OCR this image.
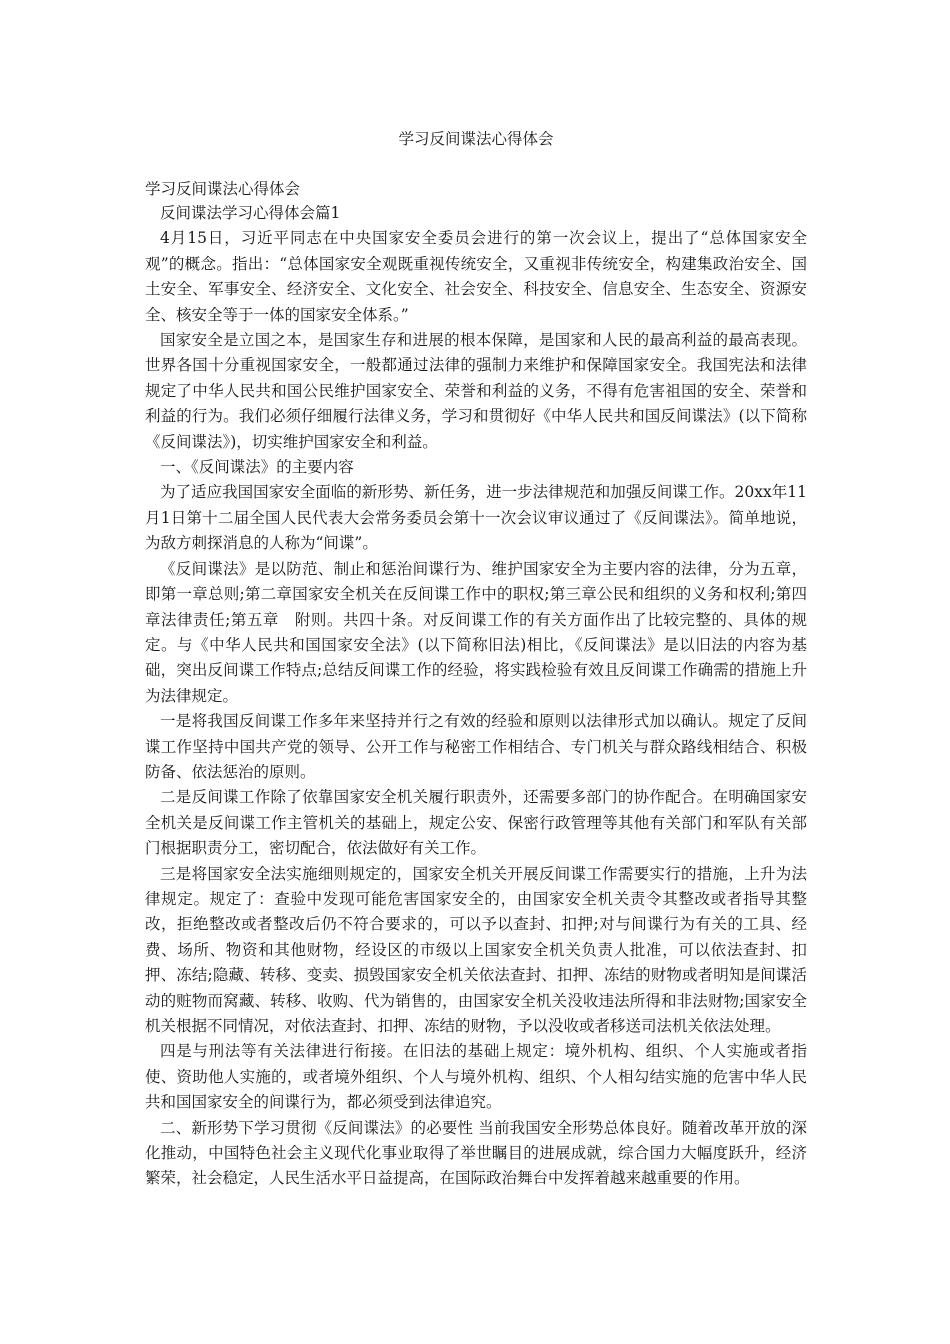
学习反间谍法心得体会
学习反间谍法心得体会

反间谍法学习心得体会篇1

4月15日，习近平同志在中央国家安全委员会进行的第一次会议上，提出了“总体国家安全观”的概念。指出：“总体国家安全观既重视传统安全，又重视非传统安全，构建集政治安全、国土安全、军事安全、经济安全、文化安全、社会安全、科技安全、信息安全、生态安全、资源安全、核安全等于一体的国家安全体系。”

国家安全是立国之本，是国家生存和进展的根本保障，是国家和人民的最高利益的最高表现。世界各国十分重视国家安全，一般都通过法律的强制力来维护和保障国家安全。我国宪法和法律规定了中华人民共和国公民维护国家安全、荣誉和利益的义务，不得有危害祖国的安全、荣誉和利益的行为。我们必须仔细履行法律义务，学习和贯彻好《中华人民共和国反间谍法》(以下简称《反间谍法》)，切实维护国家安全和利益。

一、《反间谍法》的主要内容

为了适应我国国家安全面临的新形势、新任务，进一步法律规范和加强反间谍工作。20xx年11月1日第十二届全国人民代表大会常务委员会第十一次会议审议通过了《反间谍法》。简单地说，为敌方刺探消息的人称为“间谍”。

《反间谍法》是以防范、制止和惩治间谍行为、维护国家安全为主要内容的法律，分为五章，即第一章总则;第二章国家安全机关在反间谍工作中的职权;第三章公民和组织的义务和权利;第四章法律责任;第五章　附则。共四十条。对反间谍工作的有关方面作出了比较完整的、具体的规定。与《中华人民共和国国家安全法》(以下简称旧法)相比，《反间谍法》是以旧法的内容为基础，突出反间谍工作特点;总结反间谍工作的经验，将实践检验有效且反间谍工作确需的措施上升为法律规定。

一是将我国反间谍工作多年来坚持并行之有效的经验和原则以法律形式加以确认。规定了反间谍工作坚持中国共产党的领导、公开工作与秘密工作相结合、专门机关与群众路线相结合、积极防备、依法惩治的原则。

二是反间谍工作除了依靠国家安全机关履行职责外，还需要多部门的协作配合。在明确国家安全机关是反间谍工作主管机关的基础上，规定公安、保密行政管理等其他有关部门和军队有关部门根据职责分工，密切配合，依法做好有关工作。

三是将国家安全法实施细则规定的，国家安全机关开展反间谍工作需要实行的措施，上升为法律规定。规定了：查验中发现可能危害国家安全的，由国家安全机关责令其整改或者指导其整改，拒绝整改或者整改后仍不符合要求的，可以予以查封、扣押;对与间谍行为有关的工具、经费、场所、物资和其他财物，经设区的市级以上国家安全机关负责人批准，可以依法查封、扣押、冻结;隐藏、转移、变卖、损毁国家安全机关依法查封、扣押、冻结的财物或者明知是间谍活动的赃物而窝藏、转移、收购、代为销售的，由国家安全机关没收违法所得和非法财物;国家安全机关根据不同情况，对依法查封、扣押、冻结的财物，予以没收或者移送司法机关依法处理。

四是与刑法等有关法律进行衔接。在旧法的基础上规定：境外机构、组织、个人实施或者指使、资助他人实施的，或者境外组织、个人与境外机构、组织、个人相勾结实施的危害中华人民共和国国家安全的间谍行为，都必须受到法律追究。

二、新形势下学习贯彻《反间谍法》的必要性 当前我国安全形势总体良好。随着改革开放的深化推动，中国特色社会主义现代化事业取得了举世瞩目的进展成就，综合国力大幅度跃升，经济繁荣，社会稳定，人民生活水平日益提高，在国际政治舞台中发挥着越来越重要的作用。
